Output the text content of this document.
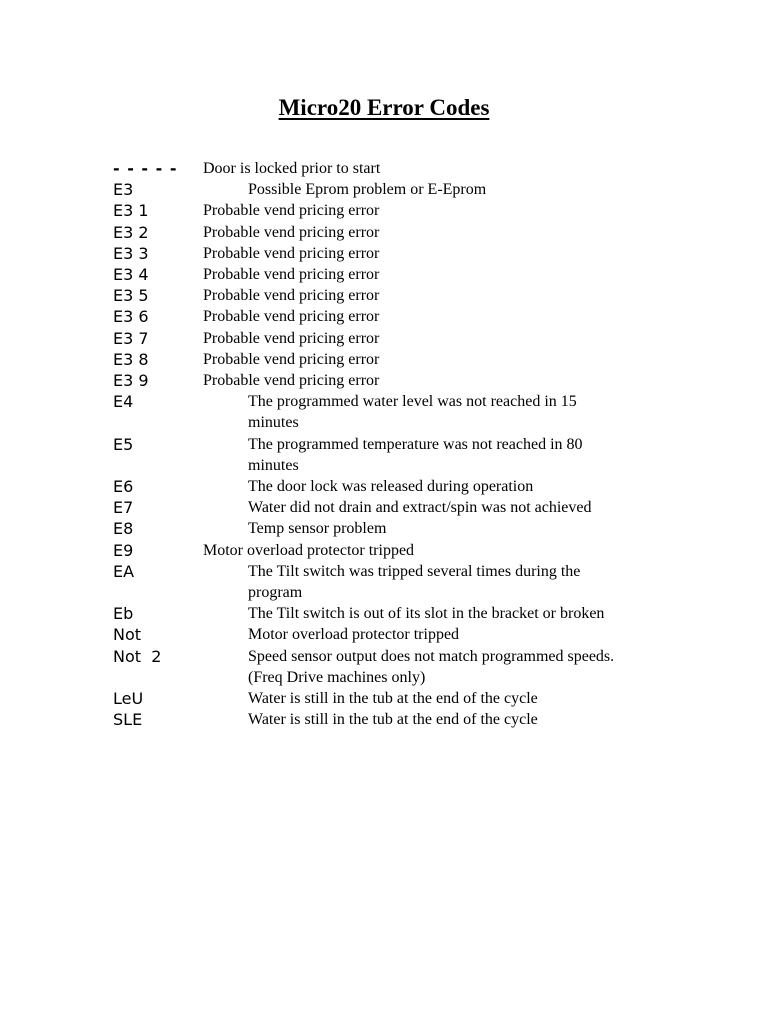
Micro20 Error Codes
- - - - -	Door is locked prior to start
E3	Possible Eprom problem or E-Eprom
E3 1	Probable vend pricing error
E3 2	Probable vend pricing error
E3 3	Probable vend pricing error
E3 4	Probable vend pricing error
E3 5	Probable vend pricing error
E3 6	Probable vend pricing error
E3 7	Probable vend pricing error
E3 8	Probable vend pricing error
E3 9	Probable vend pricing error
E4	The programmed water level was not reached in 15
minutes
E5	The programmed temperature was not reached in 80
minutes
E6	The door lock was released during operation
E7	Water did not drain and extract/spin was not achieved
E8	Temp sensor problem
E9	Motor overload protector tripped
EA	The Tilt switch was tripped several times during the
program
Eb	The Tilt switch is out of its slot in the bracket or broken
Not	Motor overload protector tripped
Not  2	Speed sensor output does not match programmed speeds.
(Freq Drive machines only)
LeU	Water is still in the tub at the end of the cycle
SLE	Water is still in the tub at the end of the cycle
